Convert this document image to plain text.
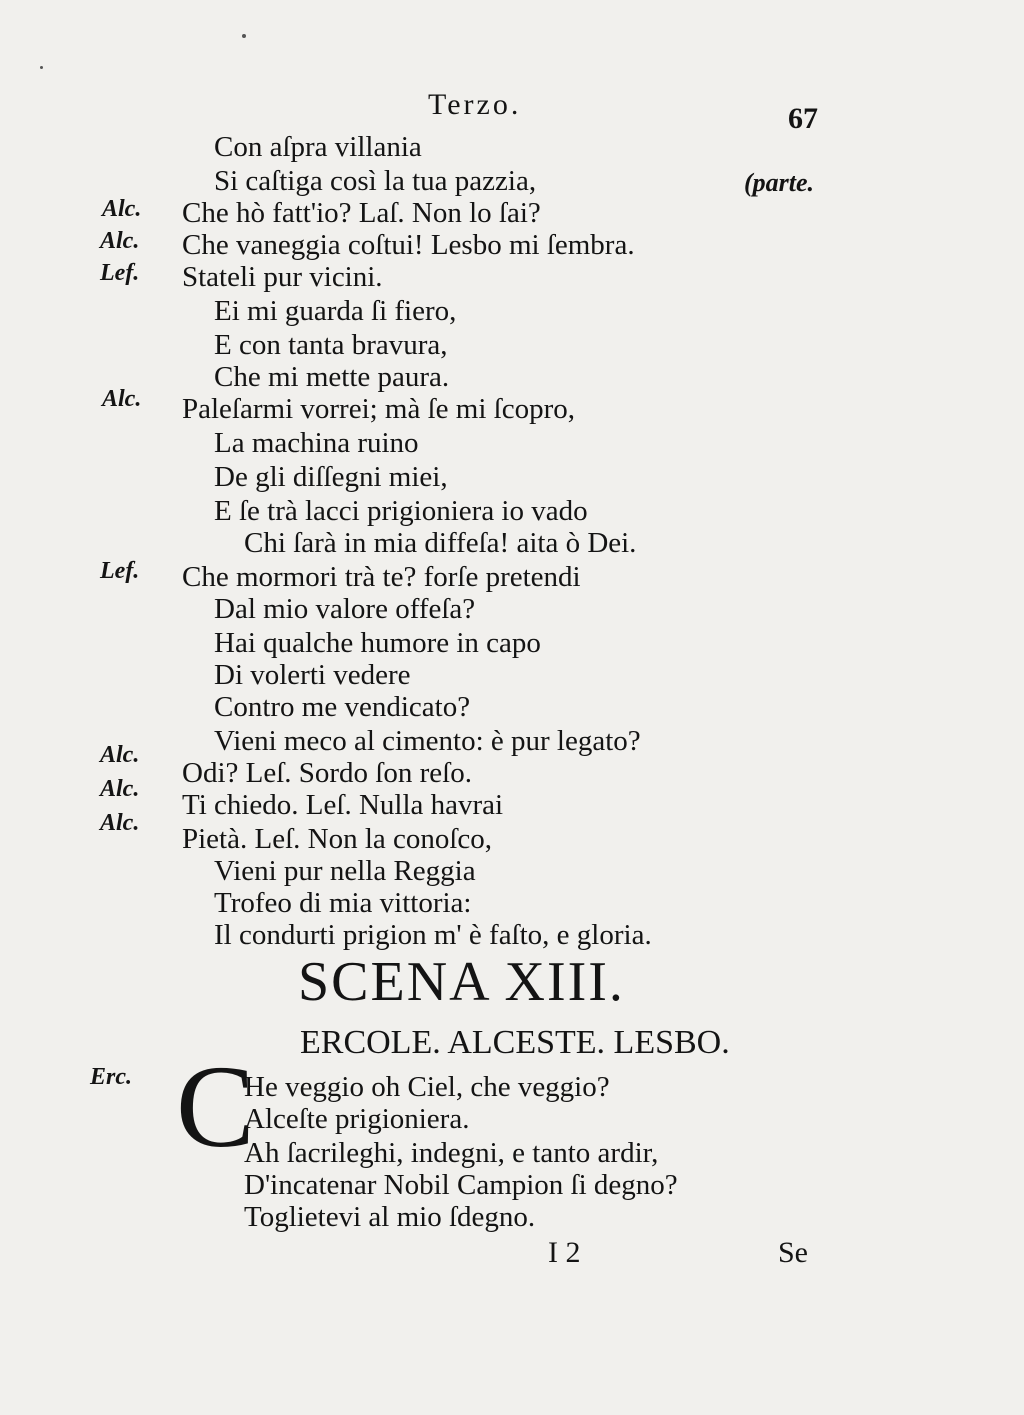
Terzo.	67
(parte.
Alc.
Alc.
Lef.
Alc.
Lef.
Alc.
Alc.
Alc.
Erc.
Con aſpra villania
Si caſtiga così la tua pazzia,
Che hò fatt'io? Laſ. Non lo ſai?
Che vaneggia coſtui! Lesbo mi ſembra.
Stateli pur vicini.
Ei mi guarda ſi fiero,
E con tanta bravura,
Che mi mette paura.
Paleſarmi vorrei; mà ſe mi ſcopro,
La machina ruino
De gli diſſegni miei,
E ſe trà lacci prigioniera io vado
Chi ſarà in mia diffeſa! aita ò Dei.
Che mormori trà te? forſe pretendi
Dal mio valore offeſa?
Hai qualche humore in capo
Di volerti vedere
Contro me vendicato?
Vieni meco al cimento: è pur legato?
Odi? Leſ. Sordo ſon reſo.
Ti chiedo. Leſ. Nulla havrai
Pietà. Leſ. Non la conoſco,
Vieni pur nella Reggia
Trofeo di mia vittoria:
Il condurti prigion m' è faſto, e gloria.
SCENA XIII.
ERCOLE. ALCESTE. LESBO.
C
He veggio oh Ciel, che veggio?
Alceſte prigioniera.
Ah ſacrileghi, indegni, e tanto ardir,
D'incatenar Nobil Campion ſi degno?
Toglietevi al mio ſdegno.
I 2	Se
